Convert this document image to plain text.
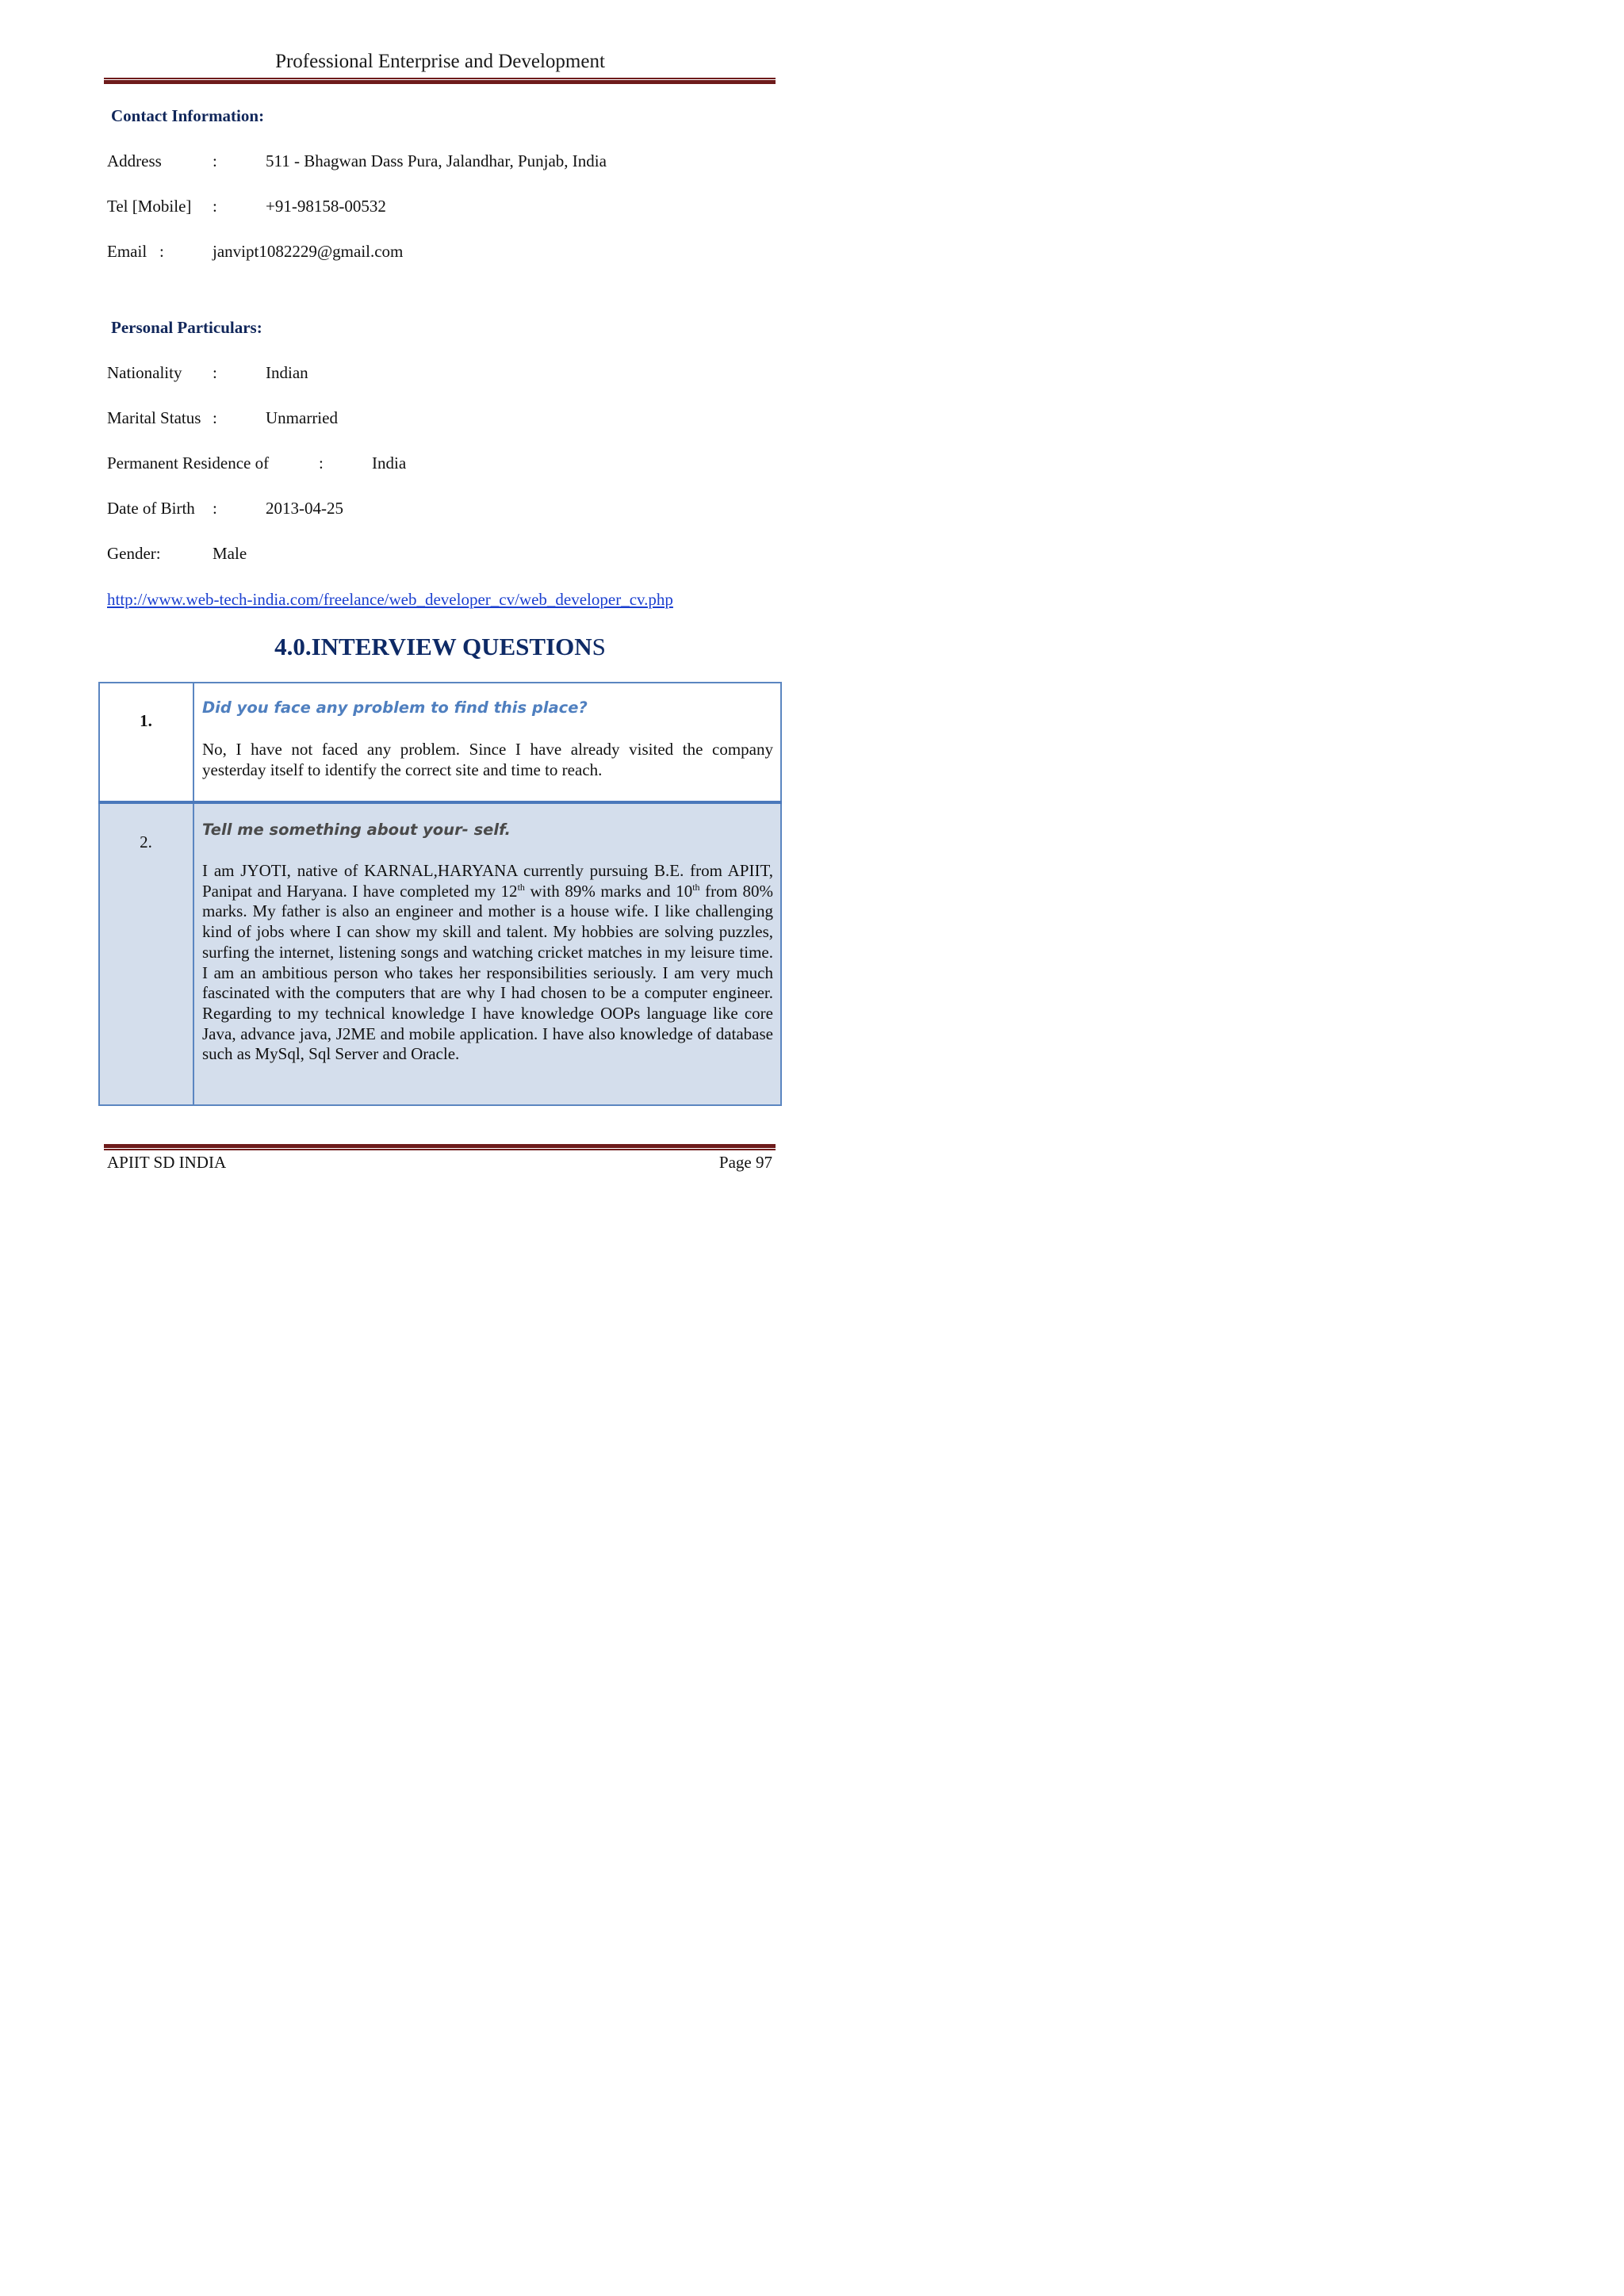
Professional Enterprise and Development
Contact Information:
Address	:	511 - Bhagwan Dass Pura, Jalandhar, Punjab, India
Tel [Mobile] :	+91-98158-00532
Email :	janvipt1082229@gmail.com
Personal Particulars:
Nationality :	Indian
Marital Status :	Unmarried
Permanent Residence of	:	India
Date of Birth :	2013-04-25
Gender:	Male
http://www.web-tech-india.com/freelance/web_developer_cv/web_developer_cv.php
4.0.INTERVIEW QUESTIONS
1.
Did you face any problem to find this place?
No, I have not faced any problem. Since I have already visited the company yesterday itself to identify the correct site and time to reach.
2.
Tell me something about your- self.
I am JYOTI, native of KARNAL,HARYANA currently pursuing B.E. from APIIT, Panipat and Haryana. I have completed my 12th with 89% marks and 10th from 80% marks. My father is also an engineer and mother is a house wife. I like challenging kind of jobs where I can show my skill and talent. My hobbies are solving puzzles, surfing the internet, listening songs and watching cricket matches in my leisure time. I am an ambitious person who takes her responsibilities seriously. I am very much fascinated with the computers that are why I had chosen to be a computer engineer. Regarding to my technical knowledge I have knowledge OOPs language like core Java, advance java, J2ME and mobile application. I have also knowledge of database such as MySql, Sql Server and Oracle.
APIIT SD INDIA	Page 97
